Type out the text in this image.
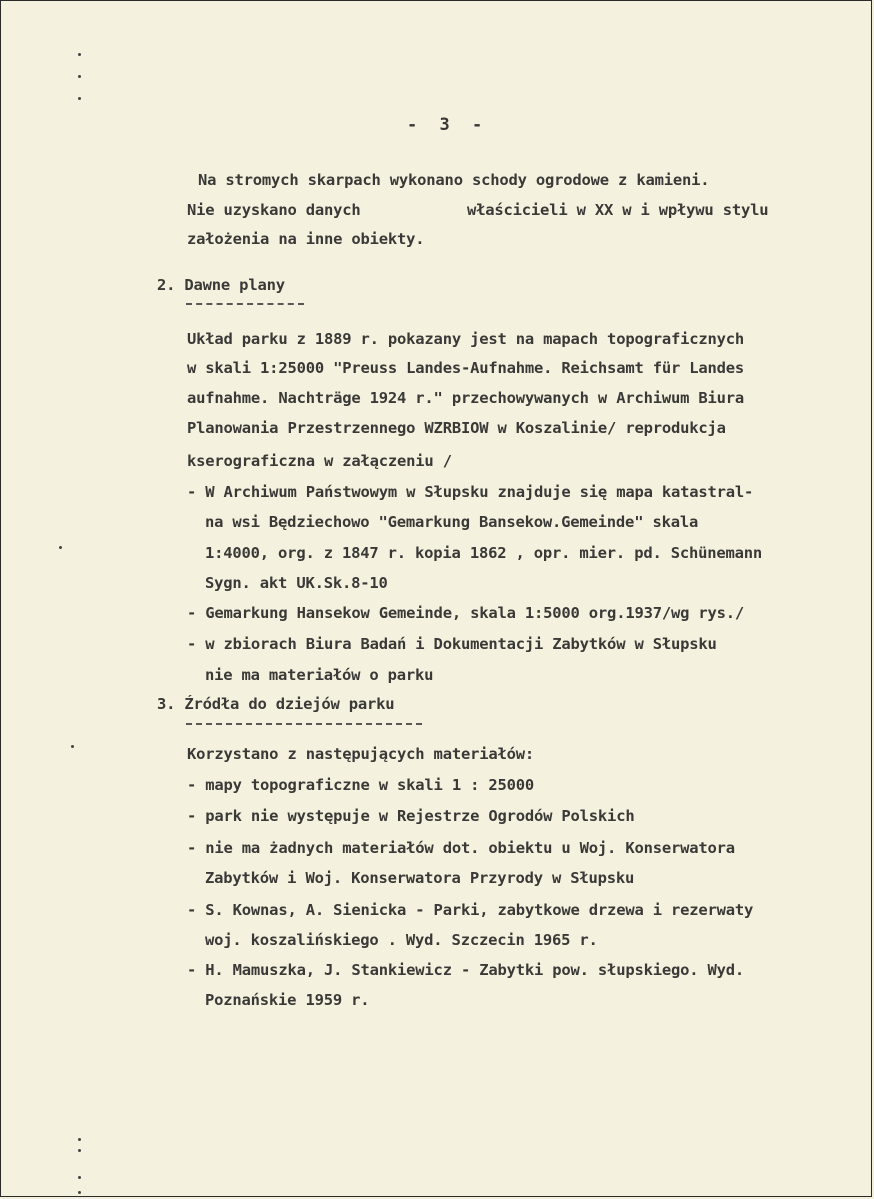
- 3 -
Na stromych skarpach wykonano schody ogrodowe z kamieni.
Nie uzyskano danych	właścicieli w XX w i wpływu stylu
założenia na inne obiekty.
2. Dawne plany
Układ parku z 1889 r. pokazany jest na mapach topograficznych
w skali 1:25000 "Preuss Landes-Aufnahme. Reichsamt für Landes
aufnahme. Nachträge 1924 r." przechowywanych w Archiwum Biura
Planowania Przestrzennego WZRBIOW w Koszalinie/ reprodukcja
kserograficzna w załączeniu /
- W Archiwum Państwowym w Słupsku znajduje się mapa katastral-
na wsi Będziechowo "Gemarkung Bansekow.Gemeinde" skala
1:4000, org. z 1847 r. kopia 1862 , opr. mier. pd. Schünemann
Sygn. akt UK.Sk.8-10
- Gemarkung Hansekow Gemeinde, skala 1:5000 org.1937/wg rys./
- w zbiorach Biura Badań i Dokumentacji Zabytków w Słupsku
nie ma materiałów o parku
3. Źródła do dziejów parku
Korzystano z następujących materiałów:
- mapy topograficzne w skali 1 : 25000
- park nie występuje w Rejestrze Ogrodów Polskich
- nie ma żadnych materiałów dot. obiektu u Woj. Konserwatora
Zabytków i Woj. Konserwatora Przyrody w Słupsku
- S. Kownas, A. Sienicka - Parki, zabytkowe drzewa i rezerwaty
woj. koszalińskiego . Wyd. Szczecin 1965 r.
- H. Mamuszka, J. Stankiewicz - Zabytki pow. słupskiego. Wyd.
Poznańskie 1959 r.
